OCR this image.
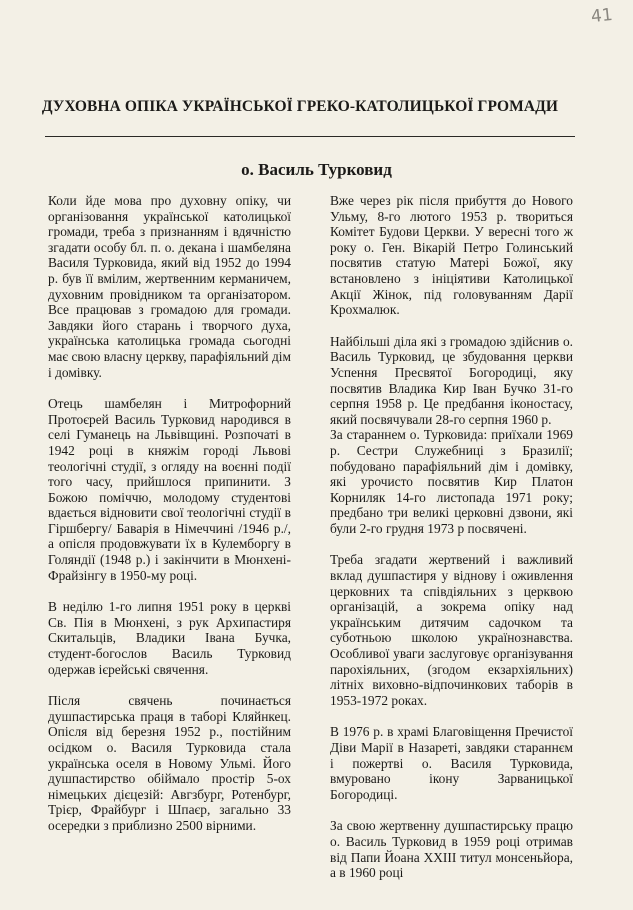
41
ДУХОВНА ОПІКА УКРАЇНСЬКОЇ ГРЕКО-КАТОЛИЦЬКОЇ ГРОМАДИ
о. Василь Турковид

Коли йде мова про духовну опіку, чи організовання української католицької громади, треба з признанням і вдячністю згадати особу бл. п. о. декана і шамбеляна Василя Турковида, який від 1952 до 1994 р. був її вмілим, жертвенним керманичем, духовним провідником та організатором. Все працював з громадою для громади. Завдяки його старань і творчого духа, українська католицька громада сьогодні має свою власну церкву, парафіяльний дім і домівку.

Отець шамбелян і Митрофорний Протоєрей Василь Турковид народився в селі Гуманець на Львівщині. Розпочаті в 1942 році в княжім городі Львові теологічні студії, з огляду на воєнні події того часу, прийшлося припинити. З Божою поміччю, молодому студентові вдається відновити свої теологічні студії в Гіршбергу/ Баварія в Німеччині /1946 р./, а опісля продовжувати їх в Кулемборгу в Голяндії (1948 р.) і закінчити в Мюнхені-Фрайзінгу в 1950-му році.

В неділю 1-го липня 1951 року в церкві Св. Пія в Мюнхені, з рук Архипастиря Скитальців, Владики Івана Бучка, студент-богослов Василь Турковид одержав ієрейські свячення.

Після свячень починається душпастирська праця в таборі Кляйнкец. Опісля від березня 1952 р., постійним осідком о. Василя Турковида стала українська оселя в Новому Ульмі. Його душпастирство обіймало простір 5-ох німецьких дієцезій: Авгзбург, Ротенбург, Трієр, Фрайбург і Шпаєр, загально 33 осередки з приблизно 2500 вірними.

Вже через рік після прибуття до Нового Ульму, 8-го лютого 1953 р. твориться Комітет Будови Церкви. У вересні того ж року о. Ген. Вікарій Петро Голинський посвятив статую Матері Божої, яку встановлено з ініціятиви Католицької Акції Жінок, під головуванням Дарії Крохмалюк.

Найбільші діла які з громадою здійснив о. Василь Турковид, це збудовання церкви Успення Пресвятої Богородиці, яку посвятив Владика Кир Іван Бучко 31-го серпня 1958 р. Це предбання іконостасу, який посвячували 28-го серпня 1960 р.

За стараннем о. Турковида: приїхали 1969 р. Сестри Служебниці з Бразилії; побудовано парафіяльний дім і домівку, які урочисто посвятив Кир Платон Корниляк 14-го листопада 1971 року; предбано три великі церковні дзвони, які були 2-го грудня 1973 р посвячені.

Треба згадати жертвений і важливий вклад душпастиря у віднову і оживлення церковних та співдіяльних з церквою організацій, а зокрема опіку над українським дитячим садочком та суботньою школою українознавства. Особливої уваги заслуговує організування парохіяльних, (згодом екзархіяльних) літніх виховно-відпочинкових таборів в 1953-1972 роках.

В 1976 р. в храмі Благовіщення Пречистої Діви Марії в Назареті, завдяки стараннєм і пожертві о. Василя Турковида, вмуровано ікону Зарваницької Богородиці.

За свою жертвенну душпастирську працю о. Василь Турковид в 1959 році отримав від Папи Йоана XXIII титул монсеньйора, а в 1960 році
